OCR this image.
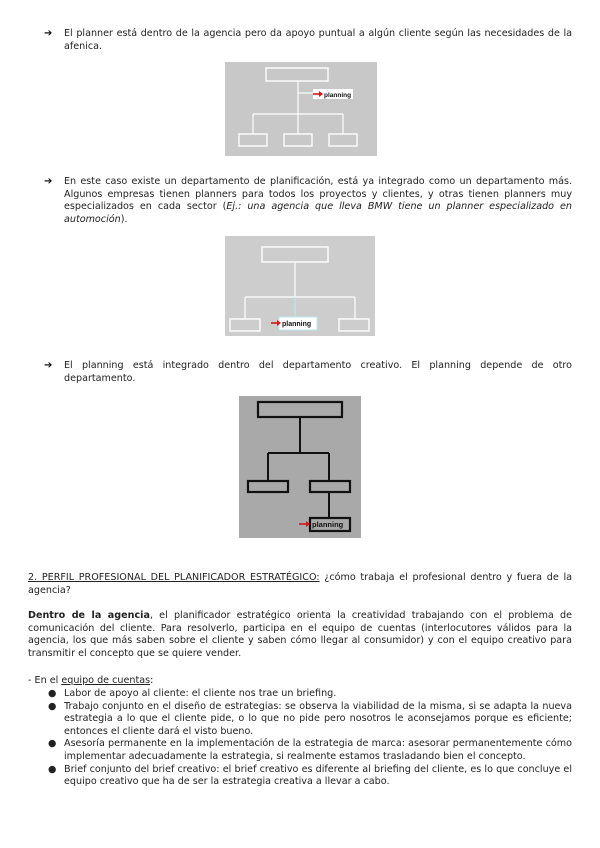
➔ El planner está dentro de la agencia pero da apoyo puntual a algún cliente según las necesidades de la afenica.
planning
➔ En este caso existe un departamento de planificación, está ya integrado como un departamento más. Algunos empresas tienen planners para todos los proyectos y clientes, y otras tienen planners muy especializados en cada sector (Ej.: una agencia que lleva BMW tiene un planner especializado en automoción).
planning
➔ El planning está integrado dentro del departamento creativo. El planning depende de otro departamento.
planning
2. PERFIL PROFESIONAL DEL PLANIFICADOR ESTRATÉGICO: ¿cómo trabaja el profesional dentro y fuera de la agencia?
Dentro de la agencia, el planificador estratégico orienta la creatividad trabajando con el problema de comunicación del cliente. Para resolverlo, participa en el equipo de cuentas (interlocutores válidos para la agencia, los que más saben sobre el cliente y saben cómo llegar al consumidor) y con el equipo creativo para transmitir el concepto que se quiere vender.
- En el equipo de cuentas:
● Labor de apoyo al cliente: el cliente nos trae un briefing.
● Trabajo conjunto en el diseño de estrategias: se observa la viabilidad de la misma, si se adapta la nueva estrategia a lo que el cliente pide, o lo que no pide pero nosotros le aconsejamos porque es eficiente; entonces el cliente dará el visto bueno.
● Asesoría permanente en la implementación de la estrategia de marca: asesorar permanentemente cómo implementar adecuadamente la estrategia, si realmente estamos trasladando bien el concepto.
● Brief conjunto del brief creativo: el brief creativo es diferente al briefing del cliente, es lo que concluye el equipo creativo que ha de ser la estrategia creativa a llevar a cabo.
